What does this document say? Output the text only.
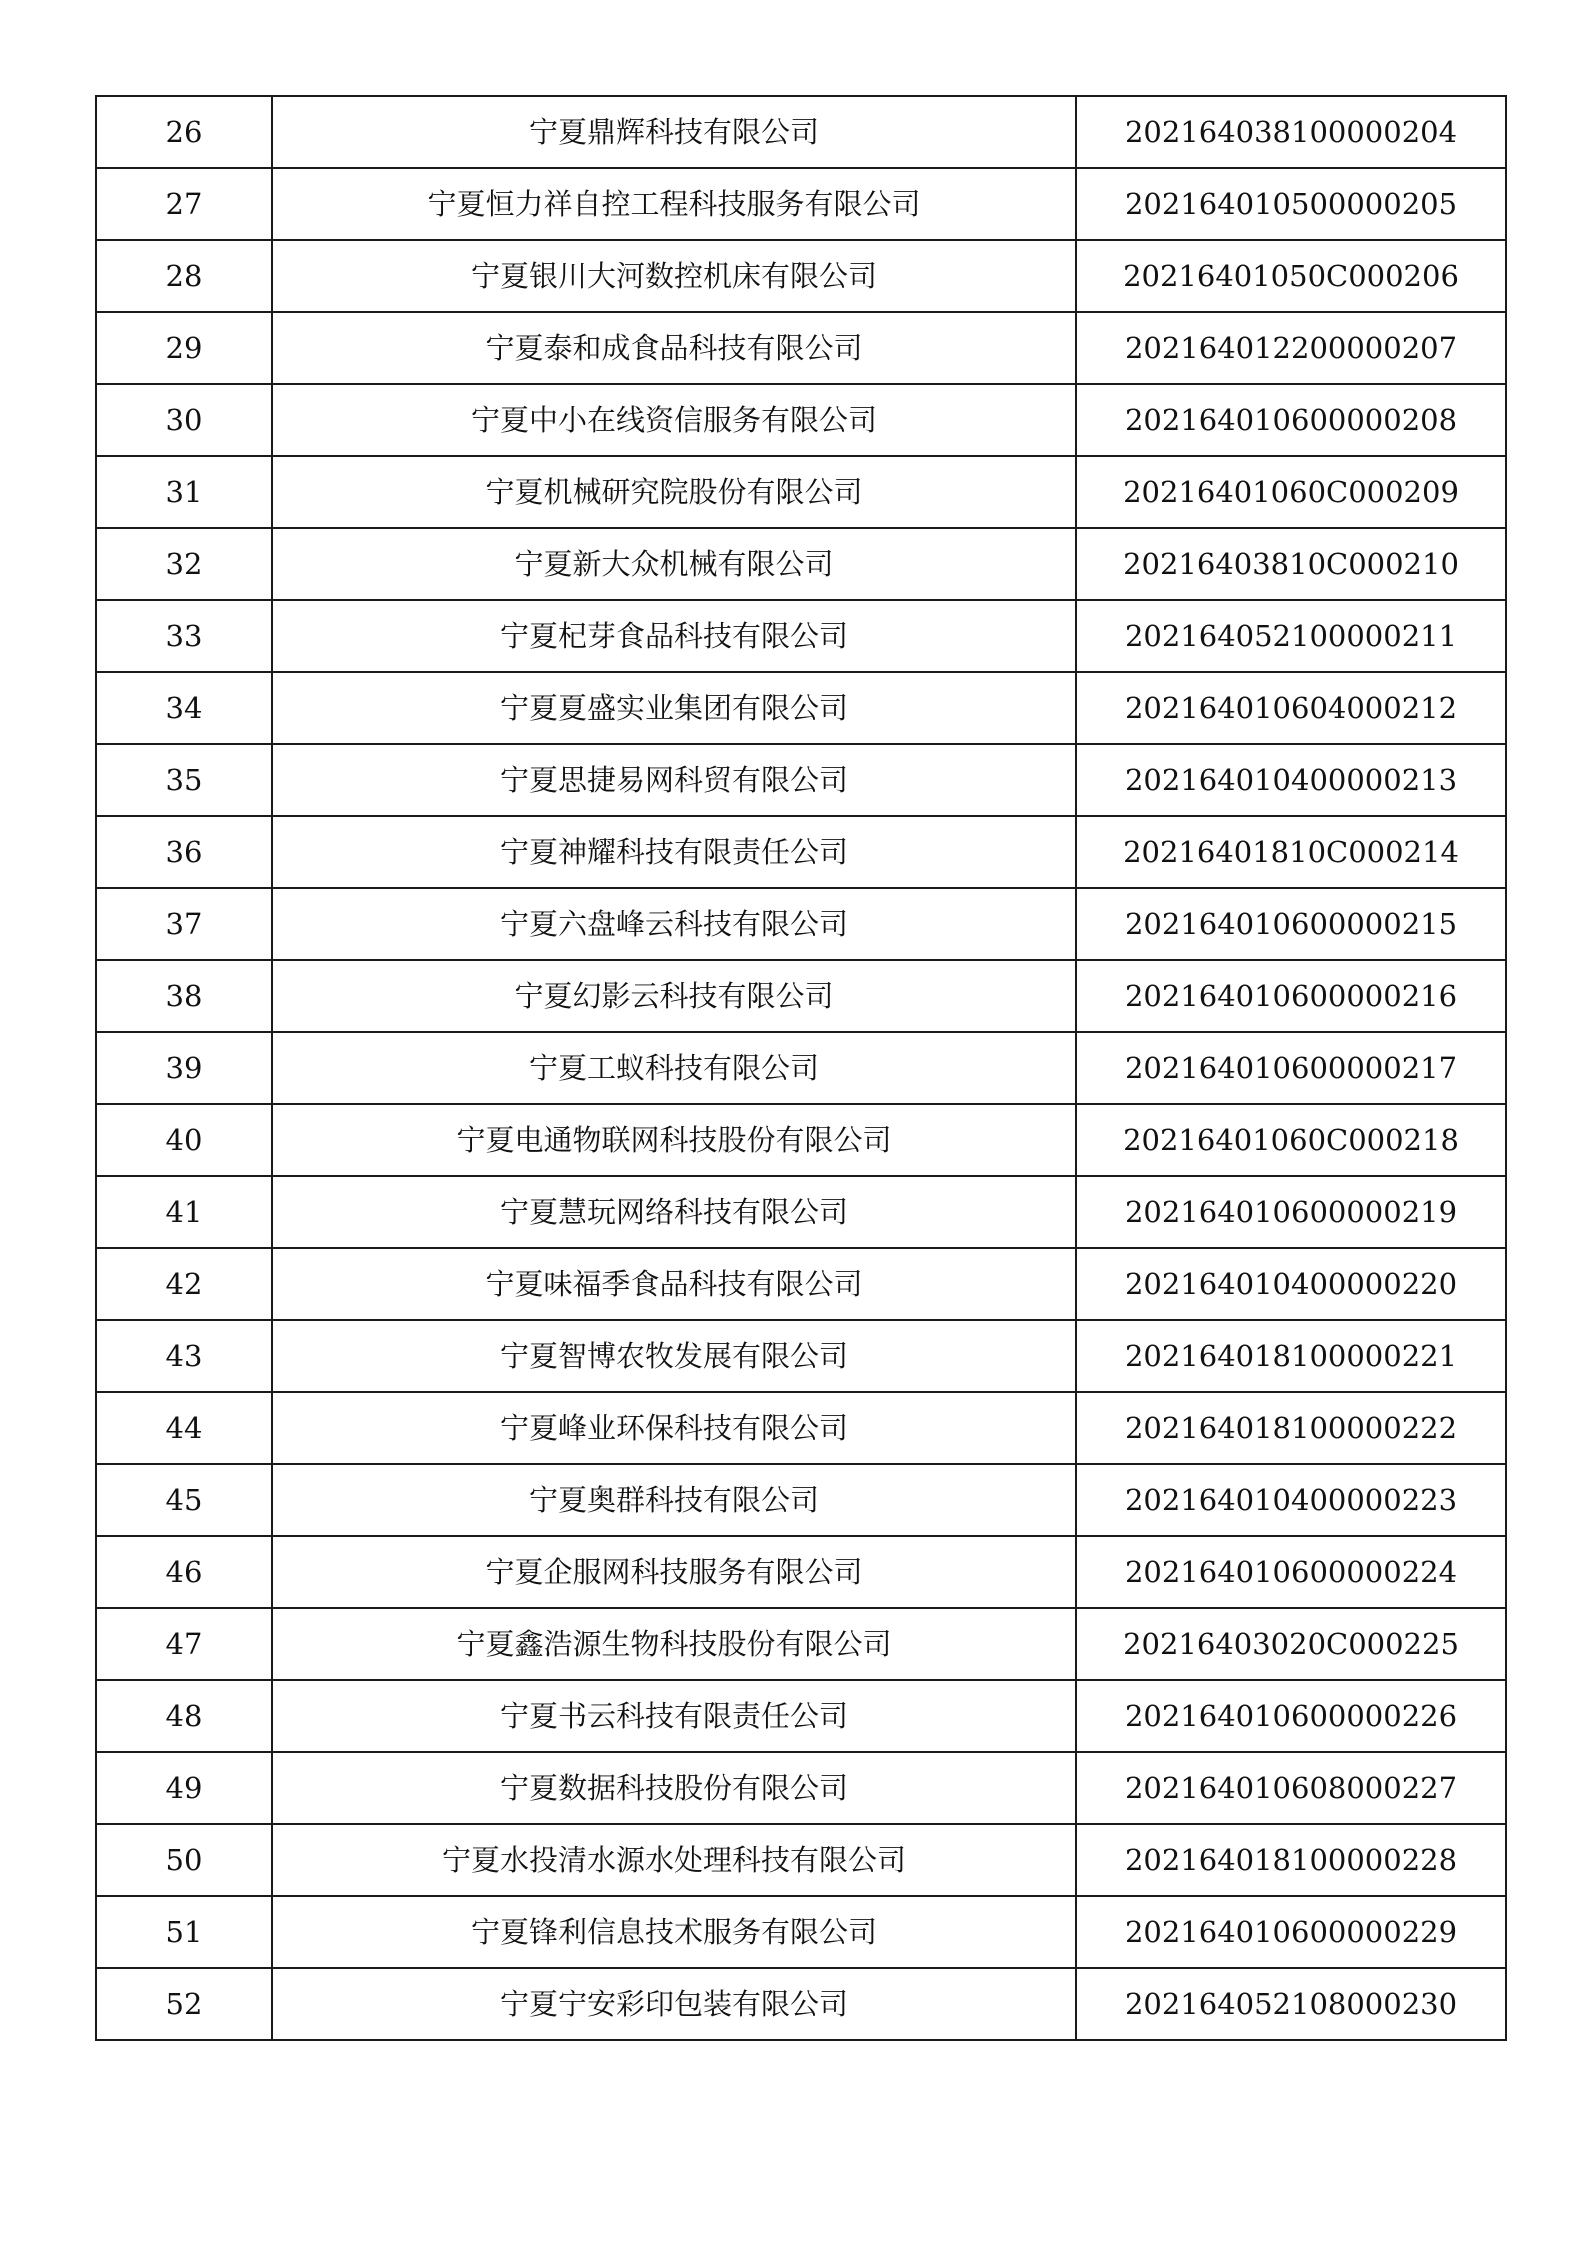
26	宁夏鼎辉科技有限公司	202164038100000204
27	宁夏恒力祥自控工程科技服务有限公司	202164010500000205
28	宁夏银川大河数控机床有限公司	20216401050C000206
29	宁夏泰和成食品科技有限公司	202164012200000207
30	宁夏中小在线资信服务有限公司	202164010600000208
31	宁夏机械研究院股份有限公司	20216401060C000209
32	宁夏新大众机械有限公司	20216403810C000210
33	宁夏杞芽食品科技有限公司	202164052100000211
34	宁夏夏盛实业集团有限公司	202164010604000212
35	宁夏思捷易网科贸有限公司	202164010400000213
36	宁夏神耀科技有限责任公司	20216401810C000214
37	宁夏六盘峰云科技有限公司	202164010600000215
38	宁夏幻影云科技有限公司	202164010600000216
39	宁夏工蚁科技有限公司	202164010600000217
40	宁夏电通物联网科技股份有限公司	20216401060C000218
41	宁夏慧玩网络科技有限公司	202164010600000219
42	宁夏味福季食品科技有限公司	202164010400000220
43	宁夏智博农牧发展有限公司	202164018100000221
44	宁夏峰业环保科技有限公司	202164018100000222
45	宁夏奥群科技有限公司	202164010400000223
46	宁夏企服网科技服务有限公司	202164010600000224
47	宁夏鑫浩源生物科技股份有限公司	20216403020C000225
48	宁夏书云科技有限责任公司	202164010600000226
49	宁夏数据科技股份有限公司	202164010608000227
50	宁夏水投清水源水处理科技有限公司	202164018100000228
51	宁夏锋利信息技术服务有限公司	202164010600000229
52	宁夏宁安彩印包装有限公司	202164052108000230
